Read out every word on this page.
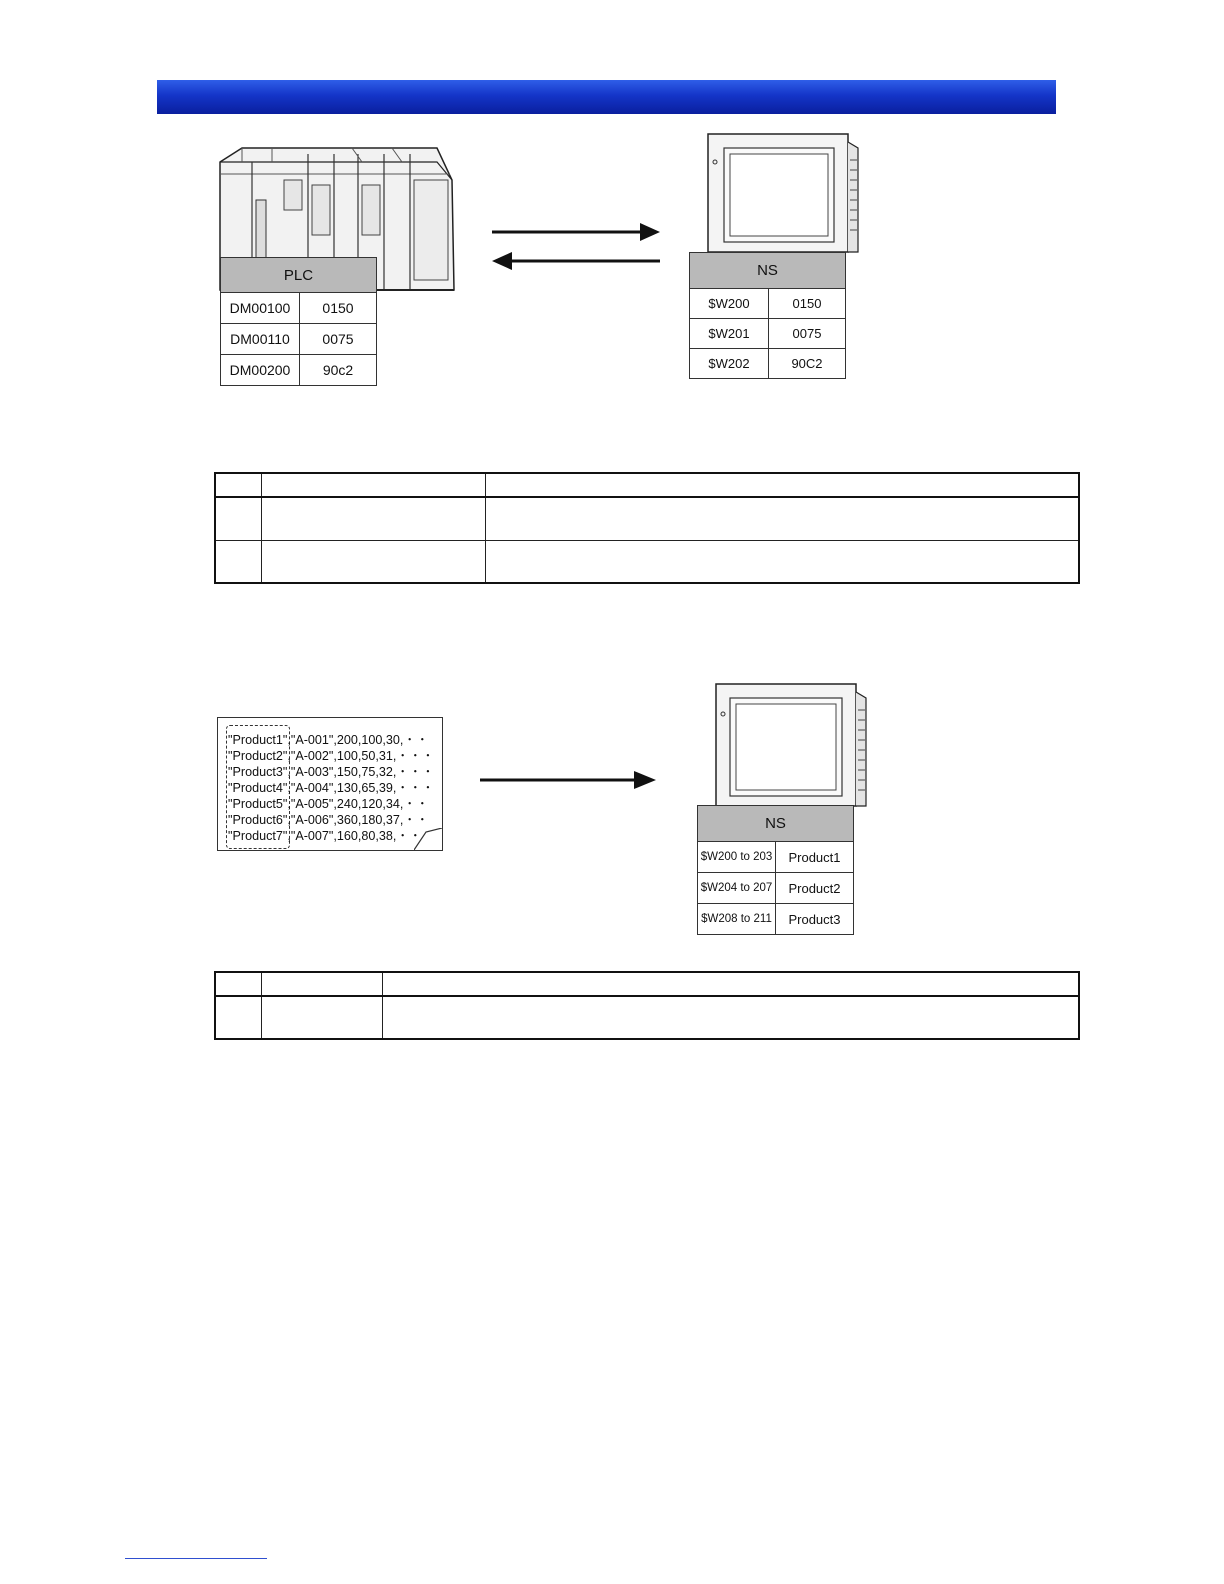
PLC	
DM00100	0150
DM00110	0075
DM00200	90c2
NS	
$W200	0150
$W201	0075
$W202	90C2

"Product1","A-001",200,100,30,・・
"Product2","A-002",100,50,31,・・・
"Product3","A-003",150,75,32,・・・
"Product4","A-004",130,65,39,・・・
"Product5","A-005",240,120,34,・・
"Product6","A-006",360,180,37,・・
"Product7","A-007",160,80,38,・・
NS	
$W200 to 203	Product1
$W204 to 207	Product2
$W208 to 211	Product3
